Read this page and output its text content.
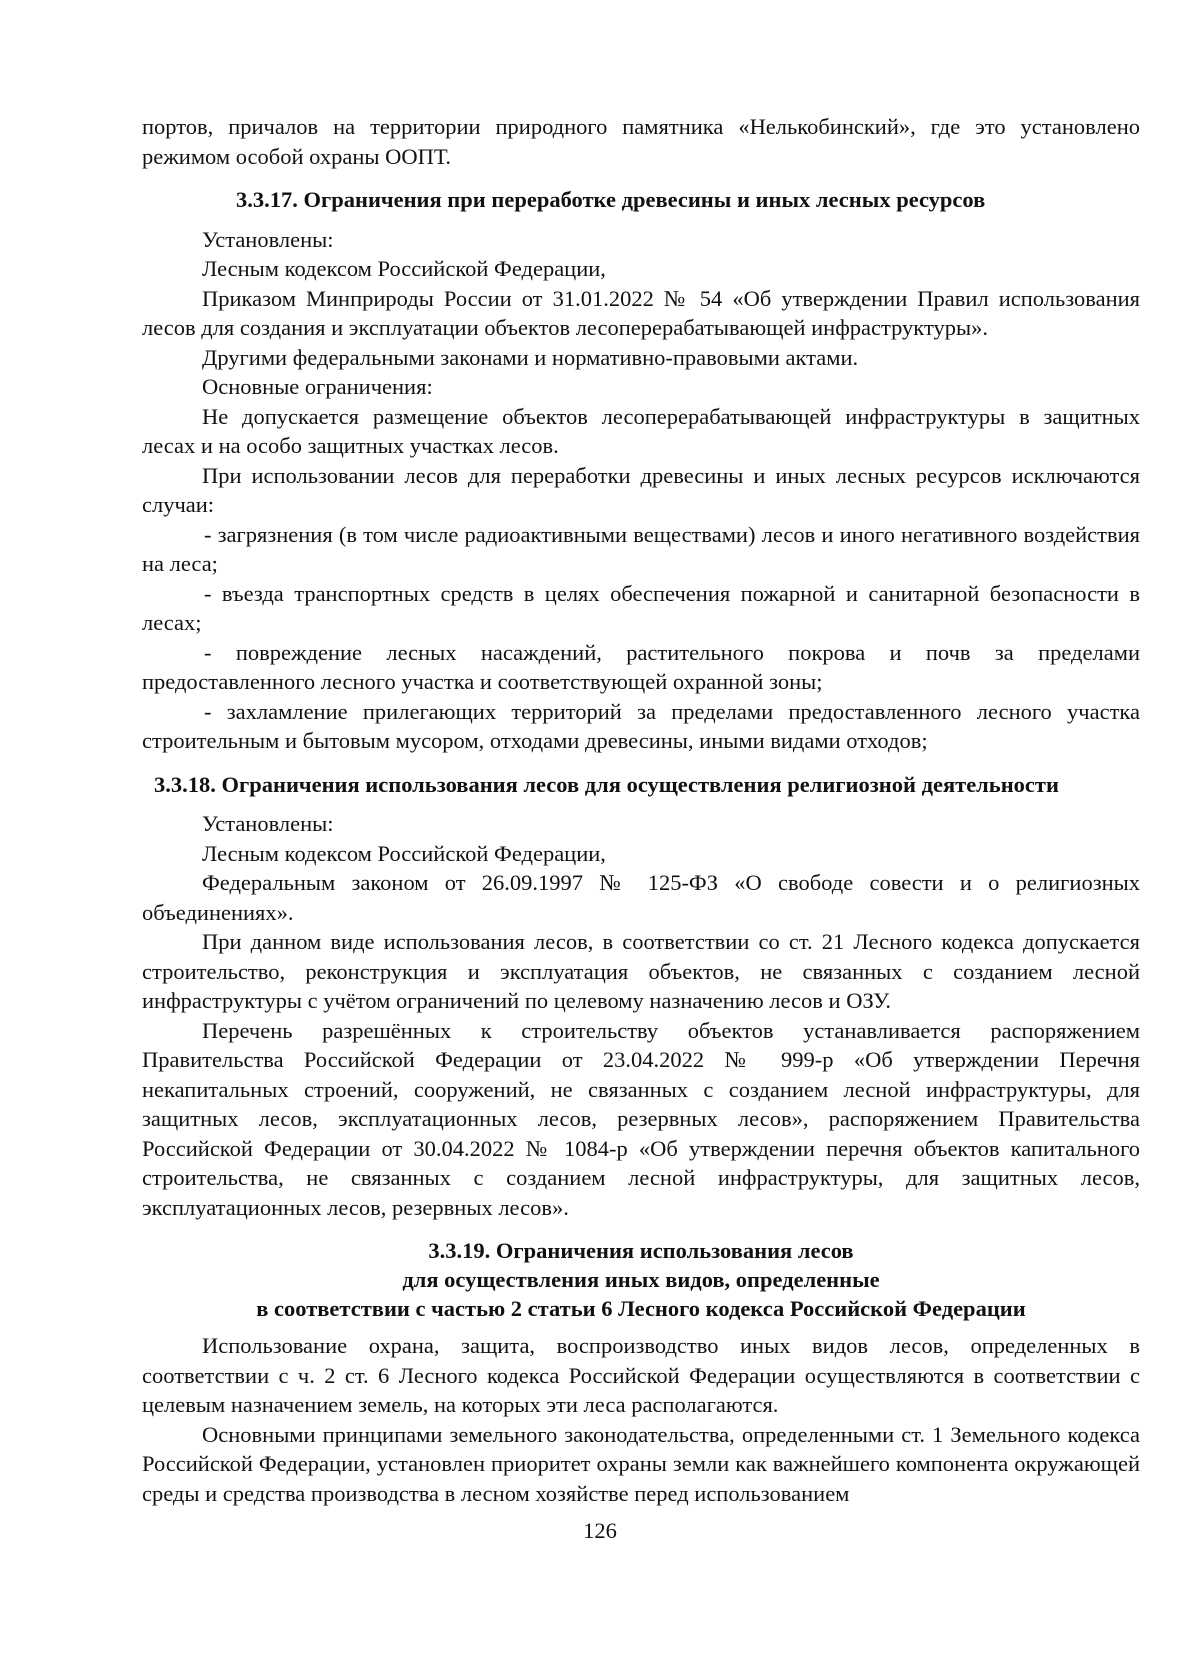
портов, причалов на территории природного памятника «Нелькобинский», где это установлено режимом особой охраны ООПТ.

3.3.17. Ограничения при переработке древесины и иных лесных ресурсов

Установлены:

Лесным кодексом Российской Федерации,

Приказом Минприроды России от 31.01.2022 № 54 «Об утверждении Правил использования лесов для создания и эксплуатации объектов лесоперерабатывающей инфраструктуры».

Другими федеральными законами и нормативно-правовыми актами.

Основные ограничения:

Не допускается размещение объектов лесоперерабатывающей инфраструктуры в защитных лесах и на особо защитных участках лесов.

При использовании лесов для переработки древесины и иных лесных ресурсов исключаются случаи:

- загрязнения (в том числе радиоактивными веществами) лесов и иного негативного воздействия на леса;

- въезда транспортных средств в целях обеспечения пожарной и санитарной безопасности в лесах;

- повреждение лесных насаждений, растительного покрова и почв за пределами предоставленного лесного участка и соответствующей охранной зоны;

- захламление прилегающих территорий за пределами предоставленного лесного участка строительным и бытовым мусором, отходами древесины, иными видами отходов;

3.3.18. Ограничения использования лесов для осуществления религиозной деятельности

Установлены:

Лесным кодексом Российской Федерации,

Федеральным законом от 26.09.1997 № 125-ФЗ «О свободе совести и о религиозных объединениях».

При данном виде использования лесов, в соответствии со ст. 21 Лесного кодекса допускается строительство, реконструкция и эксплуатация объектов, не связанных с созданием лесной инфраструктуры с учётом ограничений по целевому назначению лесов и ОЗУ.

Перечень разрешённых к строительству объектов устанавливается распоряжением Правительства Российской Федерации от 23.04.2022 № 999-р «Об утверждении Перечня некапитальных строений, сооружений, не связанных с созданием лесной инфраструктуры, для защитных лесов, эксплуатационных лесов, резервных лесов», распоряжением Правительства Российской Федерации от 30.04.2022 № 1084-р «Об утверждении перечня объектов капитального строительства, не связанных с созданием лесной инфраструктуры, для защитных лесов, эксплуатационных лесов, резервных лесов».

3.3.19. Ограничения использования лесов
для осуществления иных видов, определенные
в соответствии с частью 2 статьи 6 Лесного кодекса Российской Федерации

Использование охрана, защита, воспроизводство иных видов лесов, определенных в соответствии с ч. 2 ст. 6 Лесного кодекса Российской Федерации осуществляются в соответствии с целевым назначением земель, на которых эти леса располагаются.

Основными принципами земельного законодательства, определенными ст. 1 Земельного кодекса Российской Федерации, установлен приоритет охраны земли как важнейшего компонента окружающей среды и средства производства в лесном хозяйстве перед использованием

126
